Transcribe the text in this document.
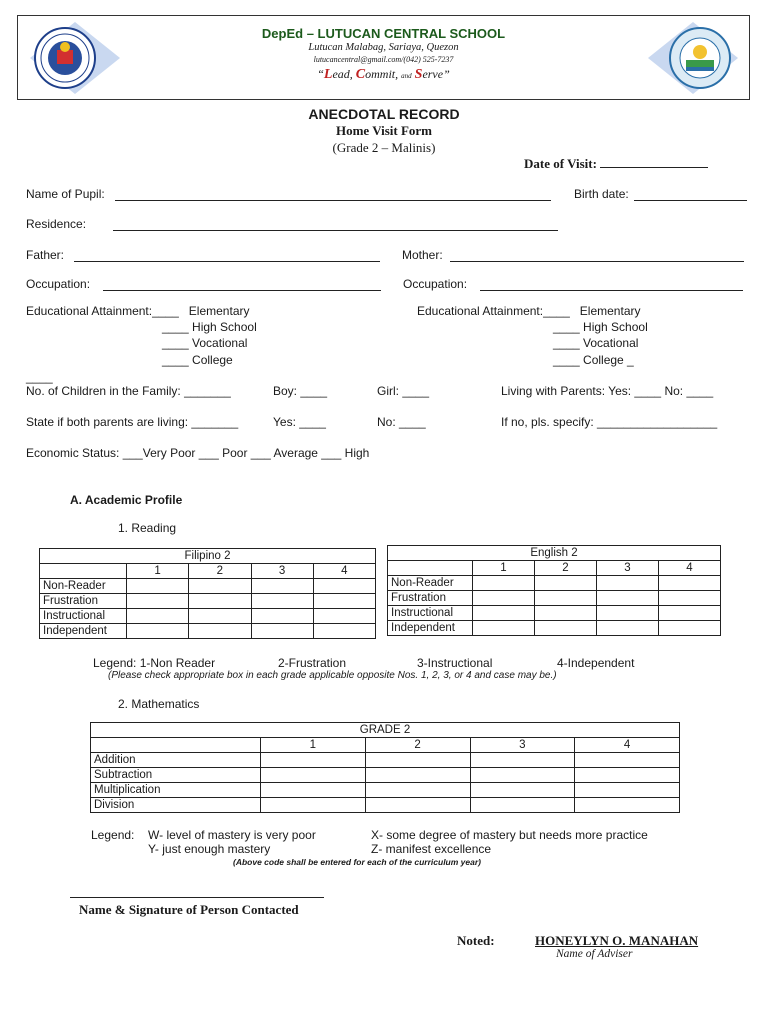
DepEd – LUTUCAN CENTRAL SCHOOL
Lutucan Malabag, Sariaya, Quezon
lutucancentral@gmail.com/(042) 525-7237
“Lead, Commit, and Serve”
ANECDOTAL RECORD
Home Visit Form
(Grade 2 – Malinis)
Date of Visit:
Name of Pupil:	Birth date:
Residence:
Father:	Mother:
Occupation:	Occupation:
Educational Attainment:____ Elementary
____ High School
____ Vocational
____ College
Educational Attainment:____ Elementary
____ High School
____ Vocational
____ College _
____
No. of Children in the Family: _______	Boy: ____	Girl: ____	Living with Parents: Yes: ____ No: ____
State if both parents are living: _______	Yes: ____	No: ____	If no, pls. specify: __________________
Economic Status: ___Very Poor ___ Poor ___ Average ___ High
A. Academic Profile
1. Reading
Filipino 2				
	1	2	3	4
Non-Reader				
Frustration				
Instructional				
Independent				
English 2				
	1	2	3	4
Non-Reader				
Frustration				
Instructional				
Independent				
Legend: 1-Non Reader	2-Frustration	3-Instructional	4-Independent
(Please check appropriate box in each grade applicable opposite Nos. 1, 2, 3, or 4 and case may be.)
2. Mathematics
GRADE 2				
	1	2	3	4
Addition				
Subtraction				
Multiplication				
Division				
Legend: W- level of mastery is very poor	X- some degree of mastery but needs more practice
Y- just enough mastery	Z- manifest excellence
(Above code shall be entered for each of the curriculum year)
Name & Signature of Person Contacted
Noted:	HONEYLYN O. MANAHAN
Name of Adviser
